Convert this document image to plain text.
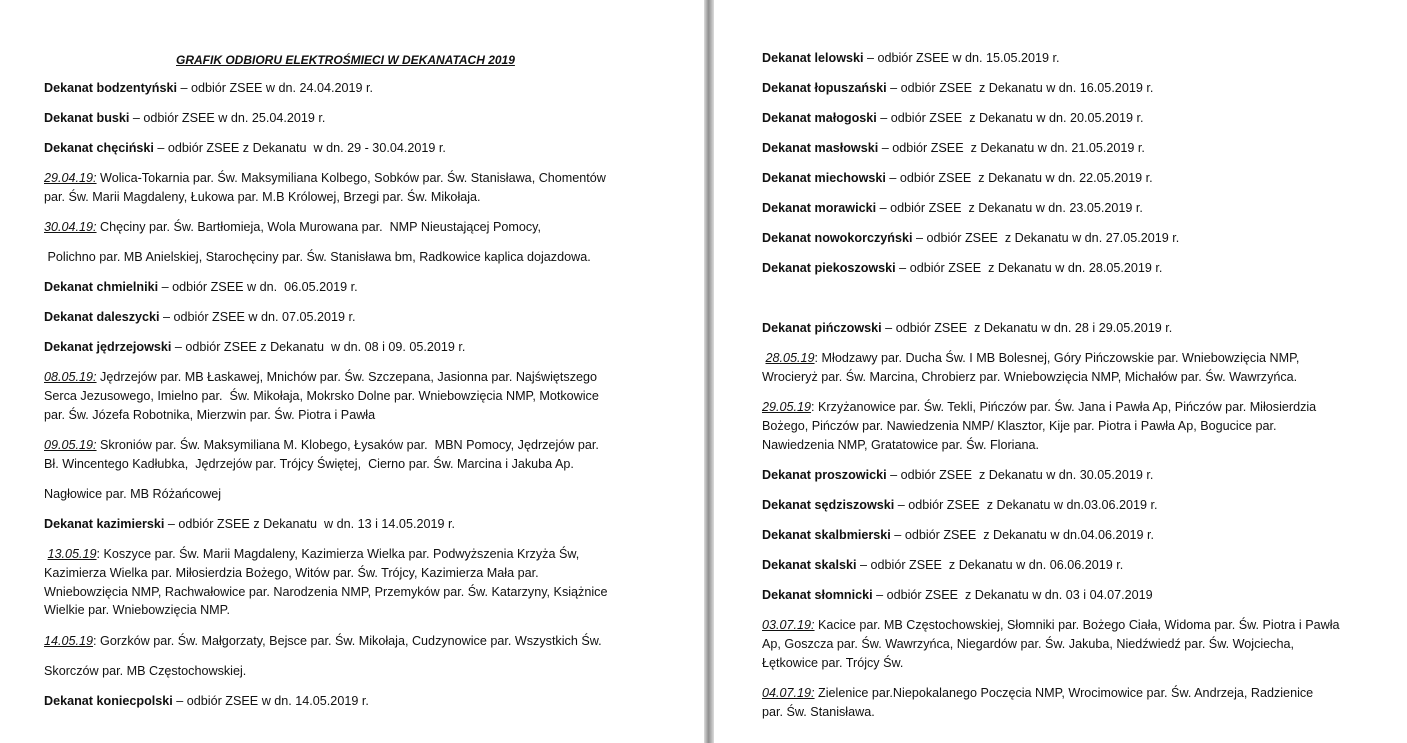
GRAFIK ODBIORU ELEKTROŚMIECI W DEKANATACH 2019

Dekanat bodzentyński – odbiór ZSEE w dn. 24.04.2019 r.

Dekanat buski – odbiór ZSEE w dn. 25.04.2019 r.

Dekanat chęciński – odbiór ZSEE z Dekanatu  w dn. 29 - 30.04.2019 r.

29.04.19: Wolica-Tokarnia par. Św. Maksymiliana Kolbego, Sobków par. Św. Stanisława, Chomentów
par. Św. Marii Magdaleny, Łukowa par. M.B Królowej, Brzegi par. Św. Mikołaja.

30.04.19: Chęciny par. Św. Bartłomieja, Wola Murowana par.  NMP Nieustającej Pomocy,

Polichno par. MB Anielskiej, Starochęciny par. Św. Stanisława bm, Radkowice kaplica dojazdowa.

Dekanat chmielniki – odbiór ZSEE w dn.  06.05.2019 r.

Dekanat daleszycki – odbiór ZSEE w dn. 07.05.2019 r.

Dekanat jędrzejowski – odbiór ZSEE z Dekanatu  w dn. 08 i 09. 05.2019 r.

08.05.19: Jędrzejów par. MB Łaskawej, Mnichów par. Św. Szczepana, Jasionna par. Najświętszego
Serca Jezusowego, Imielno par.  Św. Mikołaja, Mokrsko Dolne par. Wniebowzięcia NMP, Motkowice
par. Św. Józefa Robotnika, Mierzwin par. Św. Piotra i Pawła

09.05.19: Skroniów par. Św. Maksymiliana M. Klobego, Łysaków par.  MBN Pomocy, Jędrzejów par.
Bł. Wincentego Kadłubka,  Jędrzejów par. Trójcy Świętej,  Cierno par. Św. Marcina i Jakuba Ap.

Nagłowice par. MB Różańcowej

Dekanat kazimierski – odbiór ZSEE z Dekanatu  w dn. 13 i 14.05.2019 r.

13.05.19: Koszyce par. Św. Marii Magdaleny, Kazimierza Wielka par. Podwyższenia Krzyża Św,
Kazimierza Wielka par. Miłosierdzia Bożego, Witów par. Św. Trójcy, Kazimierza Mała par.
Wniebowzięcia NMP, Rachwałowice par. Narodzenia NMP, Przemyków par. Św. Katarzyny, Książnice
Wielkie par. Wniebowzięcia NMP.

14.05.19: Gorzków par. Św. Małgorzaty, Bejsce par. Św. Mikołaja, Cudzynowice par. Wszystkich Św.

Skorczów par. MB Częstochowskiej.

Dekanat koniecpolski – odbiór ZSEE w dn. 14.05.2019 r.

Dekanat lelowski – odbiór ZSEE w dn. 15.05.2019 r.

Dekanat łopuszański – odbiór ZSEE  z Dekanatu w dn. 16.05.2019 r.

Dekanat małogoski – odbiór ZSEE  z Dekanatu w dn. 20.05.2019 r.

Dekanat masłowski – odbiór ZSEE  z Dekanatu w dn. 21.05.2019 r.

Dekanat miechowski – odbiór ZSEE  z Dekanatu w dn. 22.05.2019 r.

Dekanat morawicki – odbiór ZSEE  z Dekanatu w dn. 23.05.2019 r.

Dekanat nowokorczyński – odbiór ZSEE  z Dekanatu w dn. 27.05.2019 r.

Dekanat piekoszowski – odbiór ZSEE  z Dekanatu w dn. 28.05.2019 r.

Dekanat pińczowski – odbiór ZSEE  z Dekanatu w dn. 28 i 29.05.2019 r.

28.05.19: Młodzawy par. Ducha Św. I MB Bolesnej, Góry Pińczowskie par. Wniebowzięcia NMP,
Wrocieryż par. Św. Marcina, Chrobierz par. Wniebowzięcia NMP, Michałów par. Św. Wawrzyńca.

29.05.19: Krzyżanowice par. Św. Tekli, Pińczów par. Św. Jana i Pawła Ap, Pińczów par. Miłosierdzia
Bożego, Pińczów par. Nawiedzenia NMP/ Klasztor, Kije par. Piotra i Pawła Ap, Bogucice par.
Nawiedzenia NMP, Gratatowice par. Św. Floriana.

Dekanat proszowicki – odbiór ZSEE  z Dekanatu w dn. 30.05.2019 r.

Dekanat sędziszowski – odbiór ZSEE  z Dekanatu w dn.03.06.2019 r.

Dekanat skalbmierski – odbiór ZSEE  z Dekanatu w dn.04.06.2019 r.

Dekanat skalski – odbiór ZSEE  z Dekanatu w dn. 06.06.2019 r.

Dekanat słomnicki – odbiór ZSEE  z Dekanatu w dn. 03 i 04.07.2019

03.07.19: Kacice par. MB Częstochowskiej, Słomniki par. Bożego Ciała, Widoma par. Św. Piotra i Pawła
Ap, Goszcza par. Św. Wawrzyńca, Niegardów par. Św. Jakuba, Niedźwiedź par. Św. Wojciecha,
Łętkowice par. Trójcy Św.

04.07.19: Zielenice par.Niepokalanego Poczęcia NMP, Wrocimowice par. Św. Andrzeja, Radzienice
par. Św. Stanisława.
